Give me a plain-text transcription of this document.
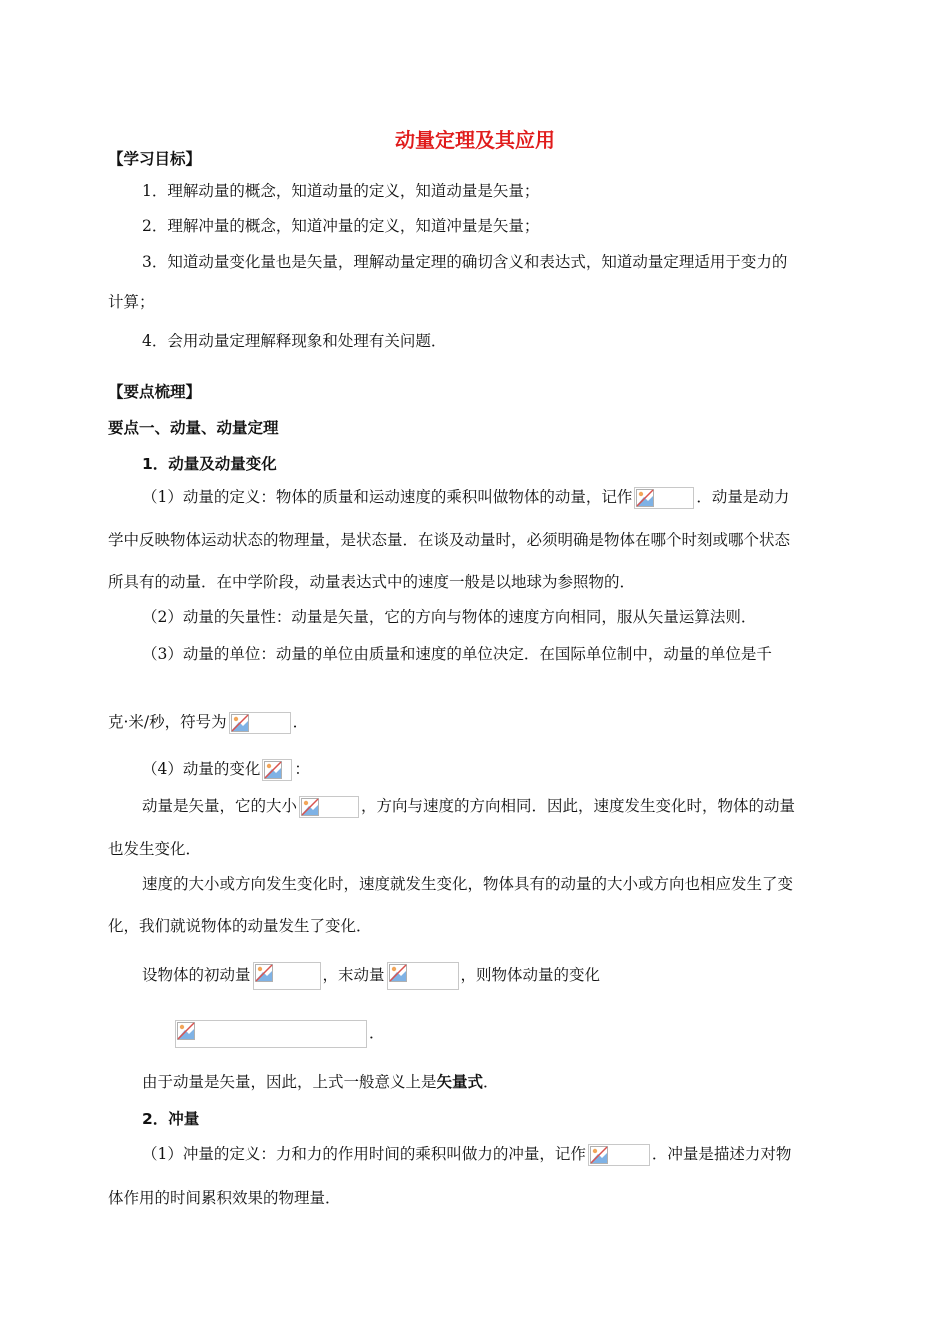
动量定理及其应用
【学习目标】
1．理解动量的概念，知道动量的定义，知道动量是矢量；
2．理解冲量的概念，知道冲量的定义，知道冲量是矢量；
3．知道动量变化量也是矢量，理解动量定理的确切含义和表达式，知道动量定理适用于变力的
计算；
4．会用动量定理解释现象和处理有关问题．
【要点梳理】
要点一、动量、动量定理
1．动量及动量变化
（1）动量的定义：物体的质量和运动速度的乘积叫做物体的动量，记作	．动量是动力
学中反映物体运动状态的物理量，是状态量．在谈及动量时，必须明确是物体在哪个时刻或哪个状态
所具有的动量．在中学阶段，动量表达式中的速度一般是以地球为参照物的．
（2）动量的矢量性：动量是矢量，它的方向与物体的速度方向相同，服从矢量运算法则．
（3）动量的单位：动量的单位由质量和速度的单位决定．在国际单位制中，动量的单位是千
克·米/秒，符号为	．
（4）动量的变化 ：
动量是矢量，它的大小	，方向与速度的方向相同．因此，速度发生变化时，物体的动量
也发生变化．
速度的大小或方向发生变化时，速度就发生变化，物体具有的动量的大小或方向也相应发生了变
化，我们就说物体的动量发生了变化．
设物体的初动量	，末动量	，则物体动量的变化
．
由于动量是矢量，因此，上式一般意义上是矢量式．
2．冲量
（1）冲量的定义：力和力的作用时间的乘积叫做力的冲量，记作	．冲量是描述力对物
体作用的时间累积效果的物理量．
